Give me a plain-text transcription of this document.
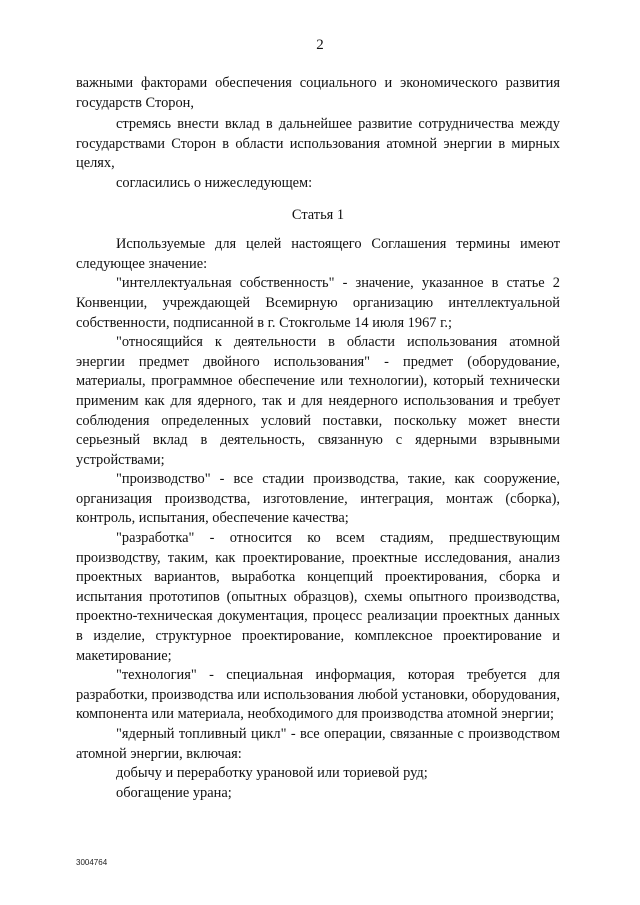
2

важными факторами обеспечения социального и экономического развития государств Сторон,

стремясь внести вклад в дальнейшее развитие сотрудничества между государствами Сторон в области использования атомной энергии в мирных целях,

согласились о нижеследующем:

Статья 1

Используемые для целей настоящего Соглашения термины имеют следующее значение:

"интеллектуальная собственность" - значение, указанное в статье 2 Конвенции, учреждающей Всемирную организацию интеллектуальной собственности, подписанной в г. Стокгольме 14 июля 1967 г.;

"относящийся к деятельности в области использования атомной энергии предмет двойного использования" - предмет (оборудование, материалы, программное обеспечение или технологии), который технически применим как для ядерного, так и для неядерного использования и требует соблюдения определенных условий поставки, поскольку может внести серьезный вклад в деятельность, связанную с ядерными взрывными устройствами;

"производство" - все стадии производства, такие, как сооружение, организация производства, изготовление, интеграция, монтаж (сборка), контроль, испытания, обеспечение качества;

"разработка" - относится ко всем стадиям, предшествующим производству, таким, как проектирование, проектные исследования, анализ проектных вариантов, выработка концепций проектирования, сборка и испытания прототипов (опытных образцов), схемы опытного производства, проектно-техническая документация, процесс реализации проектных данных в изделие, структурное проектирование, комплексное проектирование и макетирование;

"технология" - специальная информация, которая требуется для разработки, производства или использования любой установки, оборудования, компонента или материала, необходимого для производства атомной энергии;

"ядерный топливный цикл" - все операции, связанные с производством атомной энергии, включая:

добычу и переработку урановой или ториевой руд;

обогащение урана;

3004764
